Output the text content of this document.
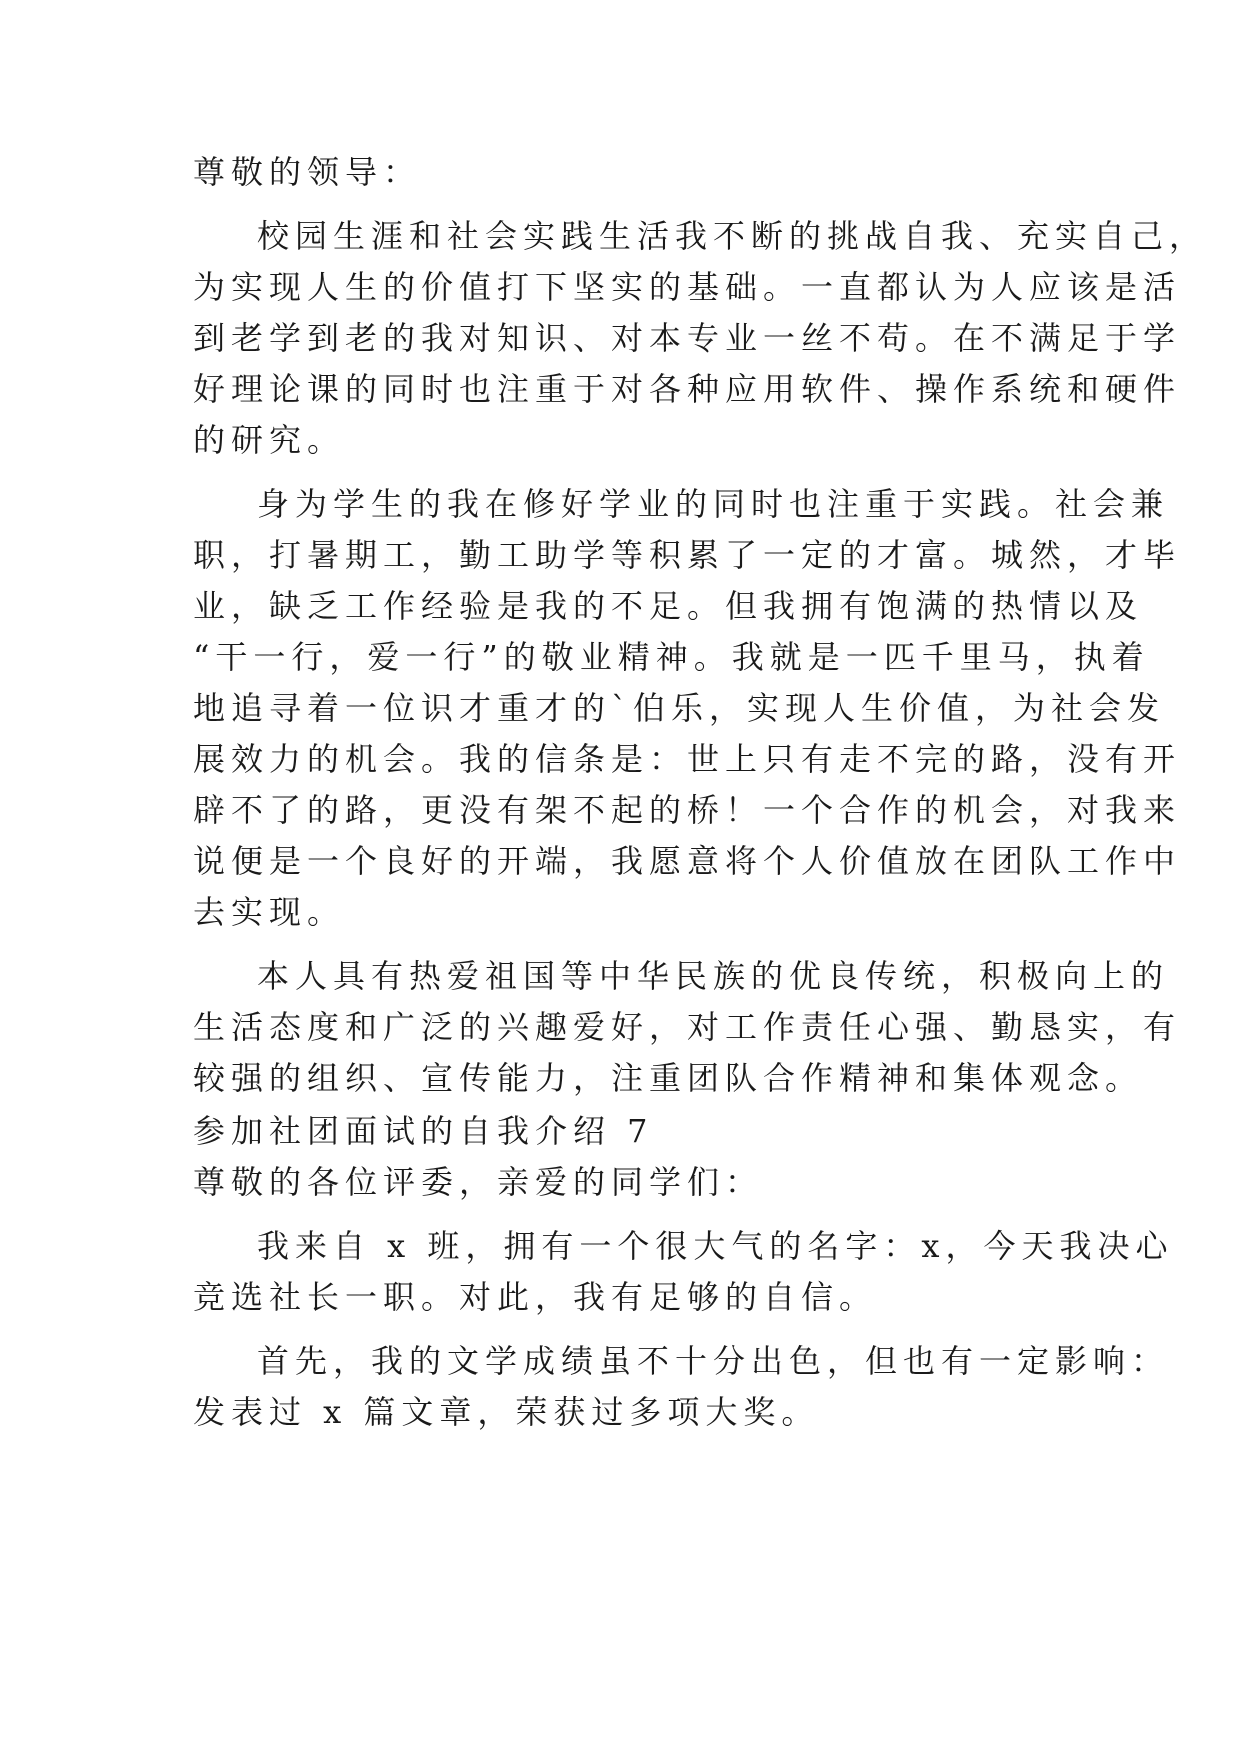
尊敬的领导：
校园生涯和社会实践生活我不断的挑战自我、充实自己，
为实现人生的价值打下坚实的基础。一直都认为人应该是活
到老学到老的我对知识、对本专业一丝不苟。在不满足于学
好理论课的同时也注重于对各种应用软件、操作系统和硬件
的研究。
身为学生的我在修好学业的同时也注重于实践。社会兼
职，打暑期工，勤工助学等积累了一定的才富。城然，才毕
业，缺乏工作经验是我的不足。但我拥有饱满的热情以及
“干一行，爱一行”的敬业精神。我就是一匹千里马，执着
地追寻着一位识才重才的`伯乐，实现人生价值，为社会发
展效力的机会。我的信条是：世上只有走不完的路，没有开
辟不了的路，更没有架不起的桥！一个合作的机会，对我来
说便是一个良好的开端，我愿意将个人价值放在团队工作中
去实现。
本人具有热爱祖国等中华民族的优良传统，积极向上的
生活态度和广泛的兴趣爱好，对工作责任心强、勤恳实，有
较强的组织、宣传能力，注重团队合作精神和集体观念。
参加社团面试的自我介绍 7
尊敬的各位评委，亲爱的同学们：
我来自 x 班，拥有一个很大气的名字：x，今天我决心
竞选社长一职。对此，我有足够的自信。
首先，我的文学成绩虽不十分出色，但也有一定影响：
发表过 x 篇文章，荣获过多项大奖。
